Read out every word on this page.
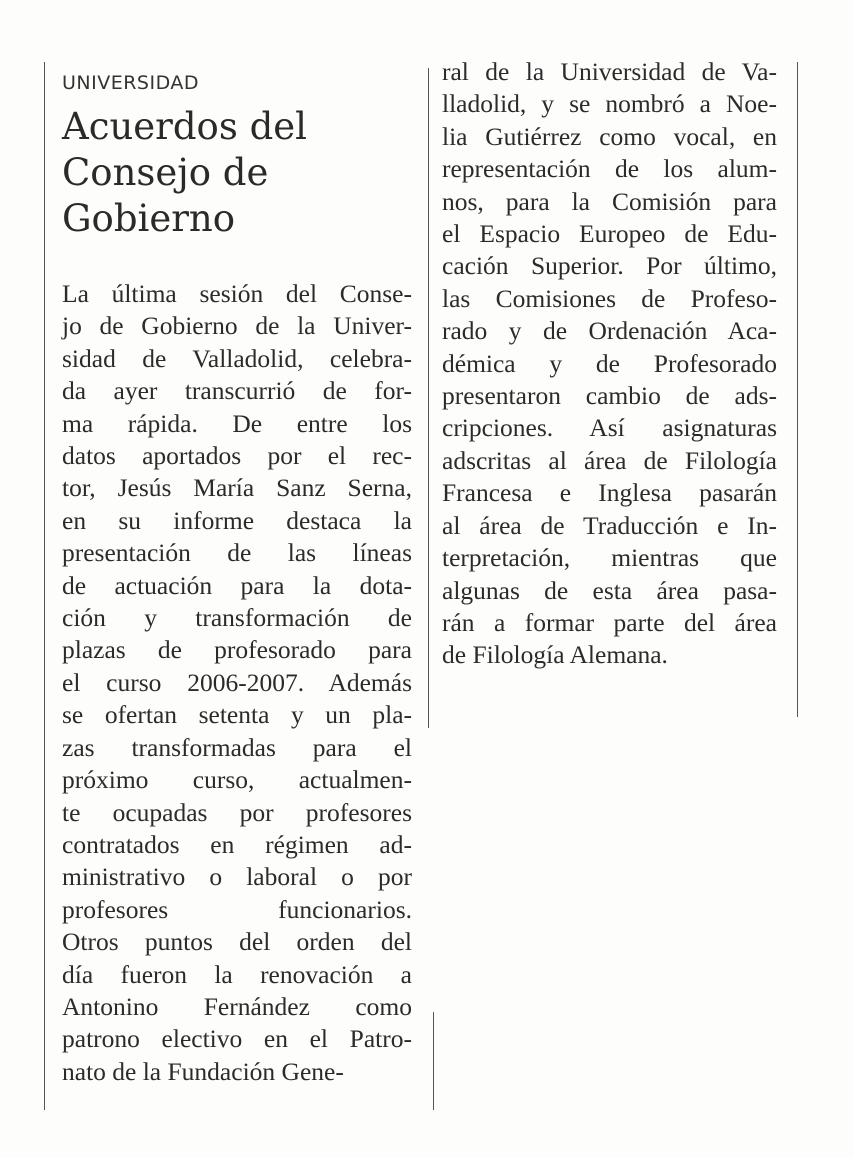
UNIVERSIDAD
Acuerdos del
Consejo de
Gobierno
La última sesión del Conse-
jo de Gobierno de la Univer-
sidad de Valladolid, celebra-
da ayer transcurrió de for-
ma rápida. De entre los
datos aportados por el rec-
tor, Jesús María Sanz Serna,
en su informe destaca la
presentación de las líneas
de actuación para la dota-
ción y transformación de
plazas de profesorado para
el curso 2006-2007. Además
se ofertan setenta y un pla-
zas transformadas para el
próximo curso, actualmen-
te ocupadas por profesores
contratados en régimen ad-
ministrativo o laboral o por
profesores funcionarios.
Otros puntos del orden del
día fueron la renovación a
Antonino Fernández como
patrono electivo en el Patro-
nato de la Fundación Gene-
ral de la Universidad de Va-
lladolid, y se nombró a Noe-
lia Gutiérrez como vocal, en
representación de los alum-
nos, para la Comisión para
el Espacio Europeo de Edu-
cación Superior. Por último,
las Comisiones de Profeso-
rado y de Ordenación Aca-
démica y de Profesorado
presentaron cambio de ads-
cripciones. Así asignaturas
adscritas al área de Filología
Francesa e Inglesa pasarán
al área de Traducción e In-
terpretación, mientras que
algunas de esta área pasa-
rán a formar parte del área
de Filología Alemana.
